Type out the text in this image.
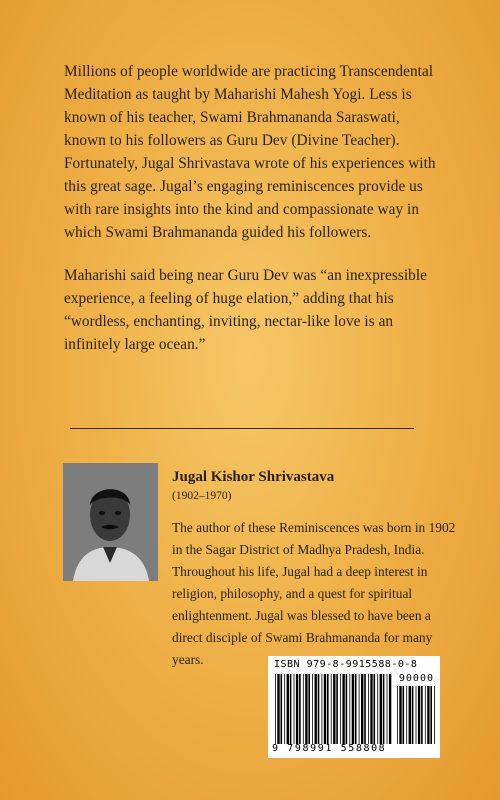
Millions of people worldwide are practicing Transcendental Meditation as taught by Maharishi Mahesh Yogi. Less is known of his teacher, Swami Brahmananda Saraswati, known to his followers as Guru Dev (Divine Teacher). Fortunately, Jugal Shrivastava wrote of his experiences with this great sage. Jugal’s engaging reminiscences provide us with rare insights into the kind and compassionate way in which Swami Brahmananda guided his followers.

Maharishi said being near Guru Dev was “an inexpressible experience, a feeling of huge elation,” adding that his “wordless, enchanting, inviting, nectar-like love is an infinitely large ocean.”

Jugal Kishor Shrivastava
(1902–1970)

The author of these Reminiscences was born in 1902 in the Sagar District of Madhya Pradesh, India. Throughout his life, Jugal had a deep interest in religion, philosophy, and a quest for spiritual enlightenment. Jugal was blessed to have been a direct disciple of Swami Brahmananda for many years.	ISBN 979-8-9915588-0-8
90000
9 798991 558808
